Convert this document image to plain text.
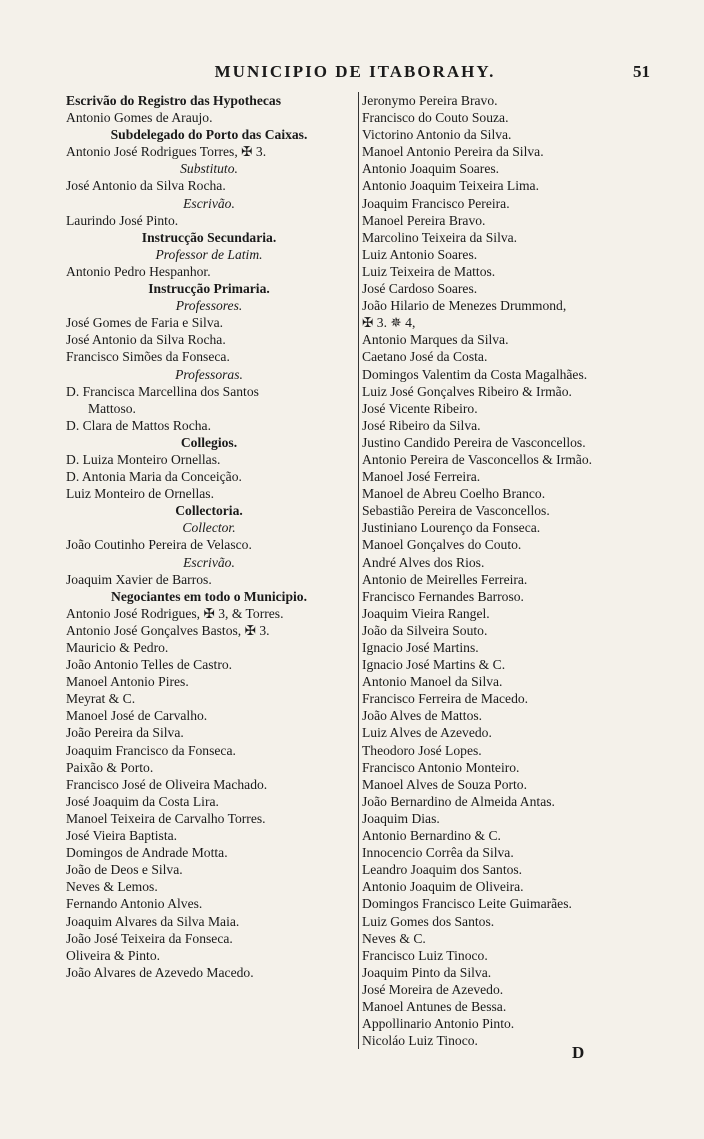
MUNICIPIO DE ITABORAHY.	51
Escrivão do Registro das Hypothecas
Antonio Gomes de Araujo.
Subdelegado do Porto das Caixas.
Antonio José Rodrigues Torres, ✠ 3.
Substituto.
José Antonio da Silva Rocha.
Escrivão.
Laurindo José Pinto.
Instrucção Secundaria.
Professor de Latim.
Antonio Pedro Hespanhor.
Instrucção Primaria.
Professores.
José Gomes de Faria e Silva.
José Antonio da Silva Rocha.
Francisco Simões da Fonseca.
Professoras.
D. Francisca Marcellina dos Santos
Mattoso.
D. Clara de Mattos Rocha.
Collegios.
D. Luiza Monteiro Ornellas.
D. Antonia Maria da Conceição.
Luiz Monteiro de Ornellas.
Collectoria.
Collector.
João Coutinho Pereira de Velasco.
Escrivão.
Joaquim Xavier de Barros.
Negociantes em todo o Municipio.
Antonio José Rodrigues, ✠ 3, & Torres.
Antonio José Gonçalves Bastos, ✠ 3.
Mauricio & Pedro.
João Antonio Telles de Castro.
Manoel Antonio Pires.
Meyrat & C.
Manoel José de Carvalho.
João Pereira da Silva.
Joaquim Francisco da Fonseca.
Paixão & Porto.
Francisco José de Oliveira Machado.
José Joaquim da Costa Lira.
Manoel Teixeira de Carvalho Torres.
José Vieira Baptista.
Domingos de Andrade Motta.
João de Deos e Silva.
Neves & Lemos.
Fernando Antonio Alves.
Joaquim Alvares da Silva Maia.
João José Teixeira da Fonseca.
Oliveira & Pinto.
João Alvares de Azevedo Macedo.
Jeronymo Pereira Bravo.
Francisco do Couto Souza.
Victorino Antonio da Silva.
Manoel Antonio Pereira da Silva.
Antonio Joaquim Soares.
Antonio Joaquim Teixeira Lima.
Joaquim Francisco Pereira.
Manoel Pereira Bravo.
Marcolino Teixeira da Silva.
Luiz Antonio Soares.
Luiz Teixeira de Mattos.
José Cardoso Soares.
João Hilario de Menezes Drummond,
✠ 3. ✵ 4,
Antonio Marques da Silva.
Caetano José da Costa.
Domingos Valentim da Costa Magalhães.
Luiz José Gonçalves Ribeiro & Irmão.
José Vicente Ribeiro.
José Ribeiro da Silva.
Justino Candido Pereira de Vasconcellos.
Antonio Pereira de Vasconcellos & Irmão.
Manoel José Ferreira.
Manoel de Abreu Coelho Branco.
Sebastião Pereira de Vasconcellos.
Justiniano Lourenço da Fonseca.
Manoel Gonçalves do Couto.
André Alves dos Rios.
Antonio de Meirelles Ferreira.
Francisco Fernandes Barroso.
Joaquim Vieira Rangel.
João da Silveira Souto.
Ignacio José Martins.
Ignacio José Martins & C.
Antonio Manoel da Silva.
Francisco Ferreira de Macedo.
João Alves de Mattos.
Luiz Alves de Azevedo.
Theodoro José Lopes.
Francisco Antonio Monteiro.
Manoel Alves de Souza Porto.
João Bernardino de Almeida Antas.
Joaquim Dias.
Antonio Bernardino & C.
Innocencio Corrêa da Silva.
Leandro Joaquim dos Santos.
Antonio Joaquim de Oliveira.
Domingos Francisco Leite Guimarães.
Luiz Gomes dos Santos.
Neves & C.
Francisco Luiz Tinoco.
Joaquim Pinto da Silva.
José Moreira de Azevedo.
Manoel Antunes de Bessa.
Appollinario Antonio Pinto.
Nicoláo Luiz Tinoco.
D
